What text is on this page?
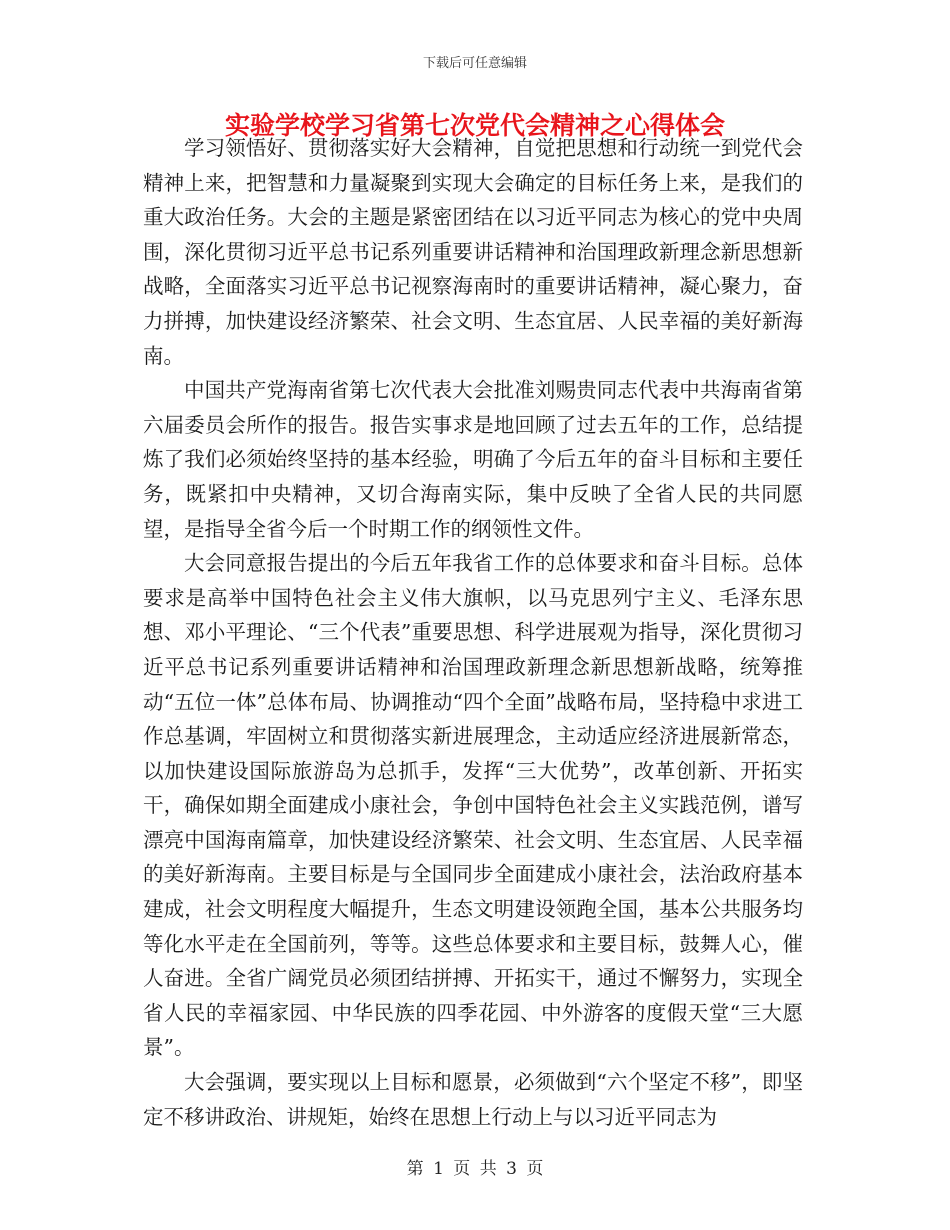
下载后可任意编辑
实验学校学习省第七次党代会精神之心得体会

学习领悟好、贯彻落实好大会精神，自觉把思想和行动统一到党代会精神上来，把智慧和力量凝聚到实现大会确定的目标任务上来，是我们的重大政治任务。大会的主题是紧密团结在以习近平同志为核心的党中央周围，深化贯彻习近平总书记系列重要讲话精神和治国理政新理念新思想新战略，全面落实习近平总书记视察海南时的重要讲话精神，凝心聚力，奋力拼搏，加快建设经济繁荣、社会文明、生态宜居、人民幸福的美好新海南。

中国共产党海南省第七次代表大会批准刘赐贵同志代表中共海南省第六届委员会所作的报告。报告实事求是地回顾了过去五年的工作，总结提炼了我们必须始终坚持的基本经验，明确了今后五年的奋斗目标和主要任务，既紧扣中央精神，又切合海南实际，集中反映了全省人民的共同愿望，是指导全省今后一个时期工作的纲领性文件。

大会同意报告提出的今后五年我省工作的总体要求和奋斗目标。总体要求是高举中国特色社会主义伟大旗帜，以马克思列宁主义、毛泽东思想、邓小平理论、“三个代表”重要思想、科学进展观为指导，深化贯彻习近平总书记系列重要讲话精神和治国理政新理念新思想新战略，统筹推动“五位一体”总体布局、协调推动“四个全面”战略布局，坚持稳中求进工作总基调，牢固树立和贯彻落实新进展理念，主动适应经济进展新常态，以加快建设国际旅游岛为总抓手，发挥“三大优势”，改革创新、开拓实干，确保如期全面建成小康社会，争创中国特色社会主义实践范例，谱写漂亮中国海南篇章，加快建设经济繁荣、社会文明、生态宜居、人民幸福的美好新海南。主要目标是与全国同步全面建成小康社会，法治政府基本建成，社会文明程度大幅提升，生态文明建设领跑全国，基本公共服务均等化水平走在全国前列，等等。这些总体要求和主要目标，鼓舞人心，催人奋进。全省广阔党员必须团结拼搏、开拓实干，通过不懈努力，实现全省人民的幸福家园、中华民族的四季花园、中外游客的度假天堂“三大愿景”。

大会强调，要实现以上目标和愿景，必须做到“六个坚定不移”，即坚定不移讲政治、讲规矩，始终在思想上行动上与以习近平同志为

第 1 页 共 3 页
